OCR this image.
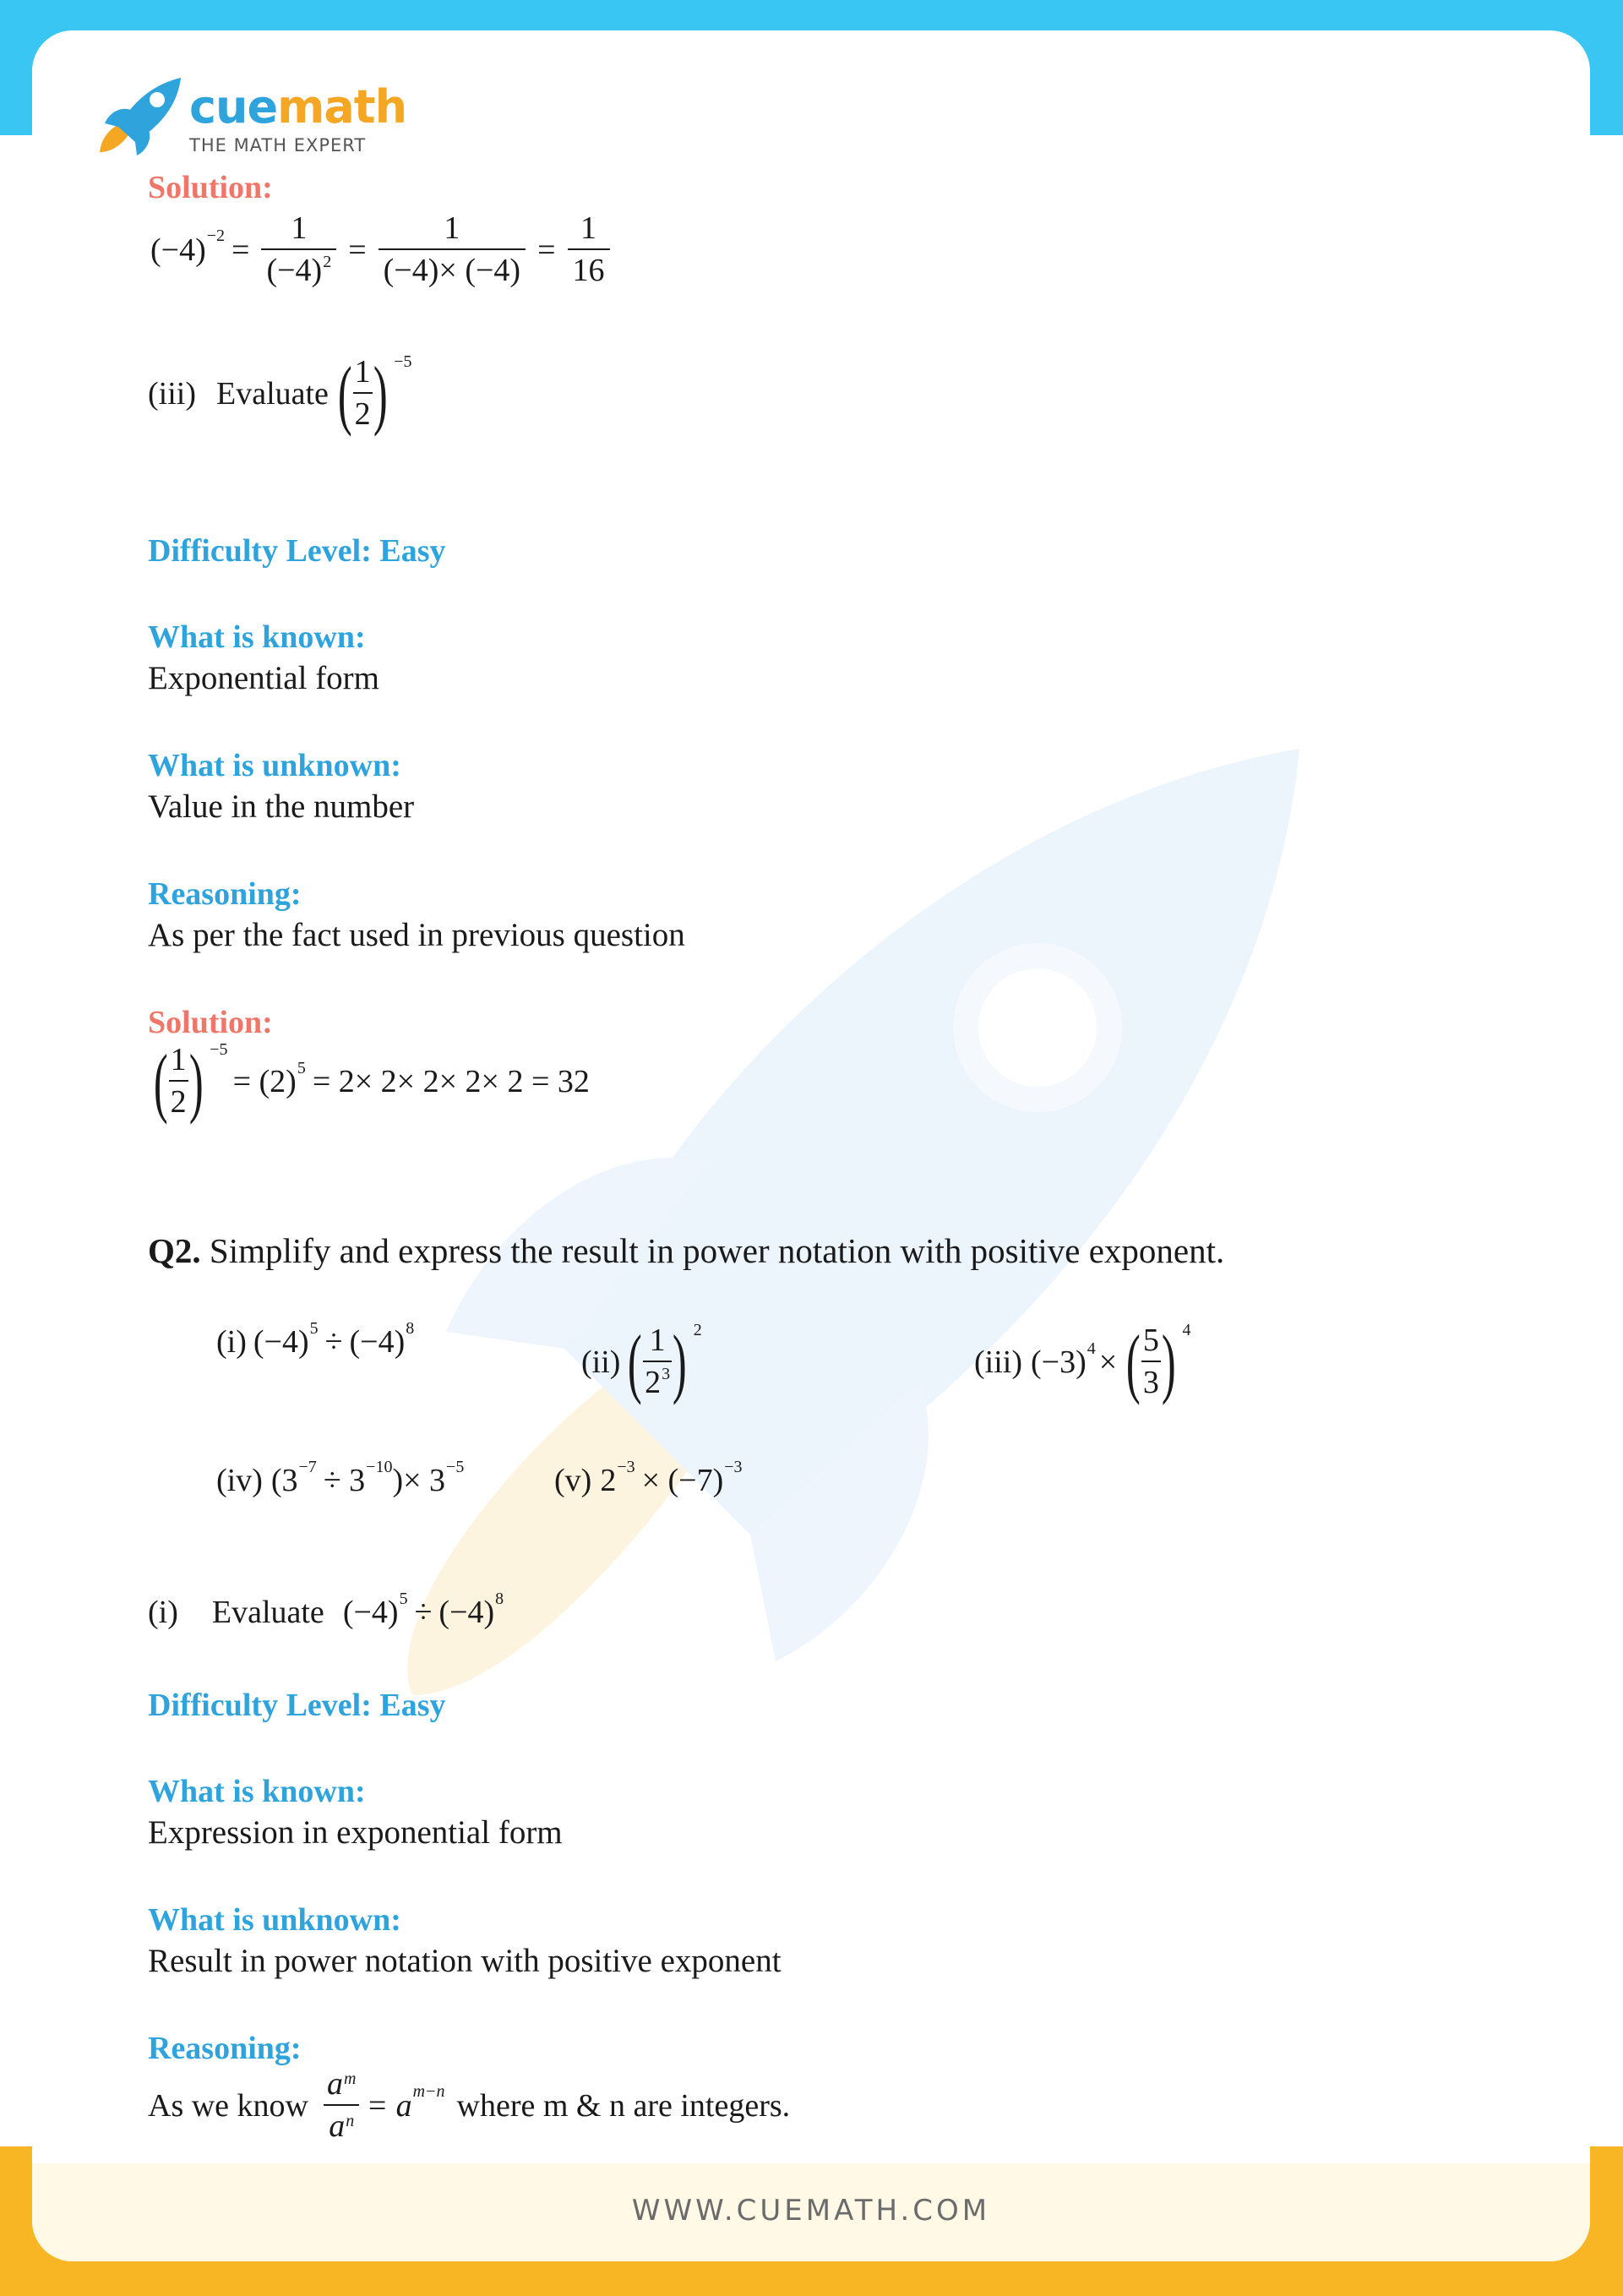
cuemath
THE MATH EXPERT
Solution:
$(-4) -2 = \frac{1}{(-4)^2} = \frac{1}{(-4)\times (-4)} = \frac{1}{16}$
(iii) Evaluate ( $\frac{1}{2}$ ) −5
Difficulty Level: Easy
What is known:
Exponential form
What is unknown:
Value in the number
Reasoning:
As per the fact used in previous question
Solution:
( $\frac{1}{2}$ ) −5
= (2) 5 = 2× 2× 2× 2× 2 = 32
Q2. Simplify and express the result in power notation with positive exponent.
(i) (−4) 5 ÷ (−4) 8
(ii) ( $\frac{1}{2^3}$ ) 2
(iii) (−3) 4 × ( $\frac{5}{3}$ ) 4
(iv) (3 −7 ÷ 3 −10 )× 3 −5	(v) 2 −3 × (−7) −3
(i) Evaluate (−4) 5 ÷ (−4) 8
Difficulty Level: Easy
What is known:
Expression in exponential form
What is unknown:
Result in power notation with positive exponent
Reasoning:
As we know $\frac{a^m}{a^n} = a$ m−n where m & n are integers.
WWW.CUEMATH.COM
